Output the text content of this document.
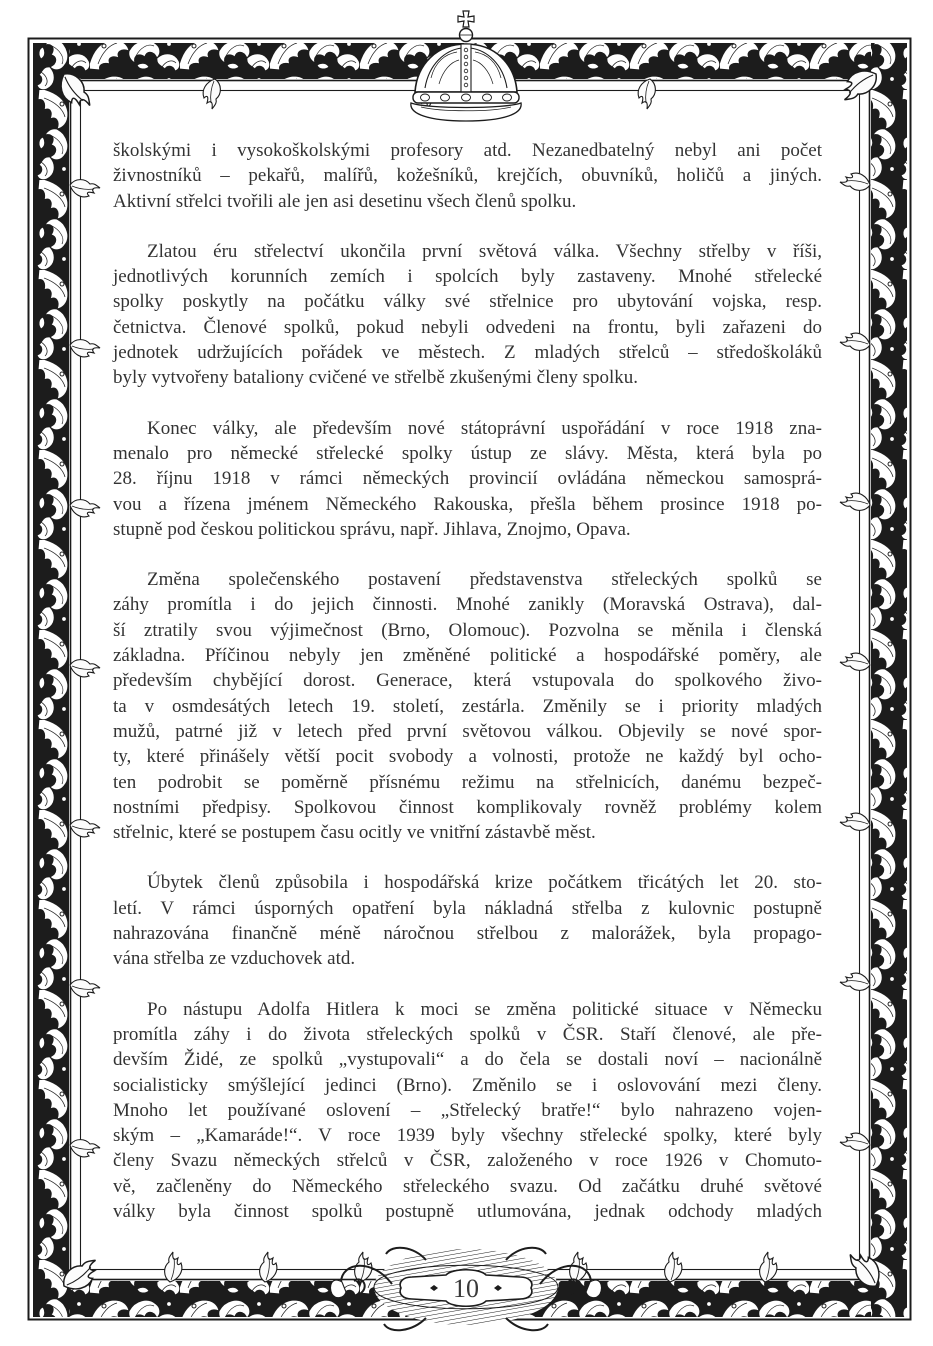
školskými i vysokoškolskými profesory atd. Nezanedbatelný nebyl ani počet
živnostníků – pekařů, malířů, kožešníků, krejčích, obuvníků, holičů a jiných.
Aktivní střelci tvořili ale jen asi desetinu všech členů spolku.
Zlatou éru střelectví ukončila první světová válka. Všechny střelby v říši,
jednotlivých korunních zemích i spolcích byly zastaveny. Mnohé střelecké
spolky poskytly na počátku války své střelnice pro ubytování vojska, resp.
četnictva. Členové spolků, pokud nebyli odvedeni na frontu, byli zařazeni do
jednotek udržujících pořádek ve městech. Z mladých střelců – středoškoláků
byly vytvořeny bataliony cvičené ve střelbě zkušenými členy spolku.
Konec války, ale především nové státoprávní uspořádání v roce 1918 zna-
menalo pro německé střelecké spolky ústup ze slávy. Města, která byla po
28. říjnu 1918 v rámci německých provincií ovládána německou samosprá-
vou a řízena jménem Německého Rakouska, přešla během prosince 1918 po-
stupně pod českou politickou správu, např. Jihlava, Znojmo, Opava.
Změna společenského postavení představenstva střeleckých spolků se
záhy promítla i do jejich činnosti. Mnohé zanikly (Moravská Ostrava), dal-
ší ztratily svou výjimečnost (Brno, Olomouc). Pozvolna se měnila i členská
základna. Příčinou nebyly jen změněné politické a hospodářské poměry, ale
především chybějící dorost. Generace, která vstupovala do spolkového živo-
ta v osmdesátých letech 19. století, zestárla. Změnily se i priority mladých
mužů, patrné již v letech před první světovou válkou. Objevily se nové spor-
ty, které přinášely větší pocit svobody a volnosti, protože ne každý byl ocho-
ten podrobit se poměrně přísnému režimu na střelnicích, danému bezpeč-
nostními předpisy. Spolkovou činnost komplikovaly rovněž problémy kolem
střelnic, které se postupem času ocitly ve vnitřní zástavbě měst.
Úbytek členů způsobila i hospodářská krize počátkem třicátých let 20. sto-
letí. V rámci úsporných opatření byla nákladná střelba z kulovnic postupně
nahrazována finančně méně náročnou střelbou z malorážek, byla propago-
vána střelba ze vzduchovek atd.
Po nástupu Adolfa Hitlera k moci se změna politické situace v Německu
promítla záhy i do života střeleckých spolků v ČSR. Staří členové, ale pře-
devším Židé, ze spolků „vystupovali“ a do čela se dostali noví – nacionálně
socialisticky smýšlející jedinci (Brno). Změnilo se i oslovování mezi členy.
Mnoho let používané oslovení – „Střelecký bratře!“ bylo nahrazeno vojen-
ským – „Kamaráde!“. V roce 1939 byly všechny střelecké spolky, které byly
členy Svazu německých střelců v ČSR, založeného v roce 1926 v Chomuto-
vě, začleněny do Německého střeleckého svazu. Od začátku druhé světové
války byla činnost spolků postupně utlumována, jednak odchody mladých
10
